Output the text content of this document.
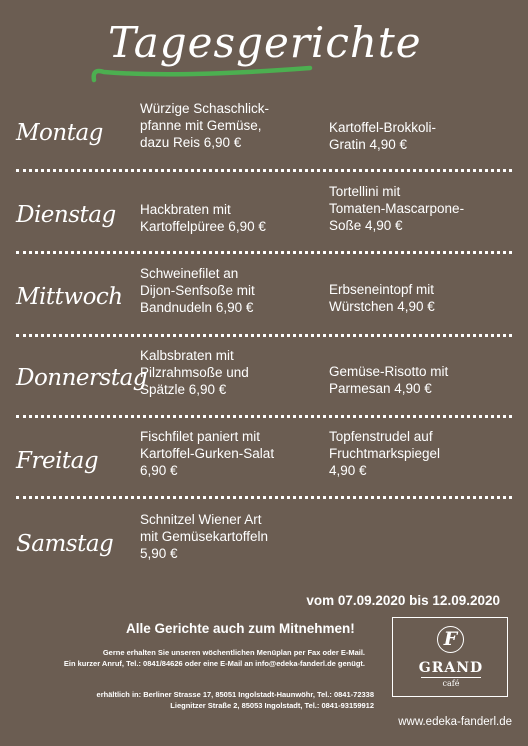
Tagesgerichte
Montag
Würzige Schaschlick-
pfanne mit Gemüse,
dazu Reis 6,90 €
Kartoffel-Brokkoli-
Gratin 4,90 €
Dienstag Hackbraten mit
Kartoffelpüree 6,90 €
Tortellini mit
Tomaten-Mascarpone-
Soße 4,90 €
Mittwoch
Schweinefilet an
Dijon-Senfsoße mit
Bandnudeln 6,90 €
Erbseneintopf mit
Würstchen 4,90 €
Donnerstag
Kalbsbraten mit
Pilzrahmsoße und
Spätzle 6,90 €
Gemüse-Risotto mit
Parmesan 4,90 €
Freitag
Fischfilet paniert mit
Kartoffel-Gurken-Salat
6,90 €
Topfenstrudel auf
Fruchtmarkspiegel
4,90 €
Samstag
Schnitzel Wiener Art
mit Gemüsekartoffeln
5,90 €
vom 07.09.2020 bis 12.09.2020
Alle Gerichte auch zum Mitnehmen!
Gerne erhalten Sie unseren wöchentlichen Menüplan per Fax oder E-Mail.
Ein kurzer Anruf, Tel.: 0841/84626 oder eine E-Mail an info@edeka-fanderl.de genügt.
erhältlich in: Berliner Strasse 17, 85051 Ingolstadt-Haunwöhr, Tel.: 0841-72338
Liegnitzer Straße 2, 85053 Ingolstadt, Tel.: 0841-93159912
F
GRAND
café
www.edeka-fanderl.de
